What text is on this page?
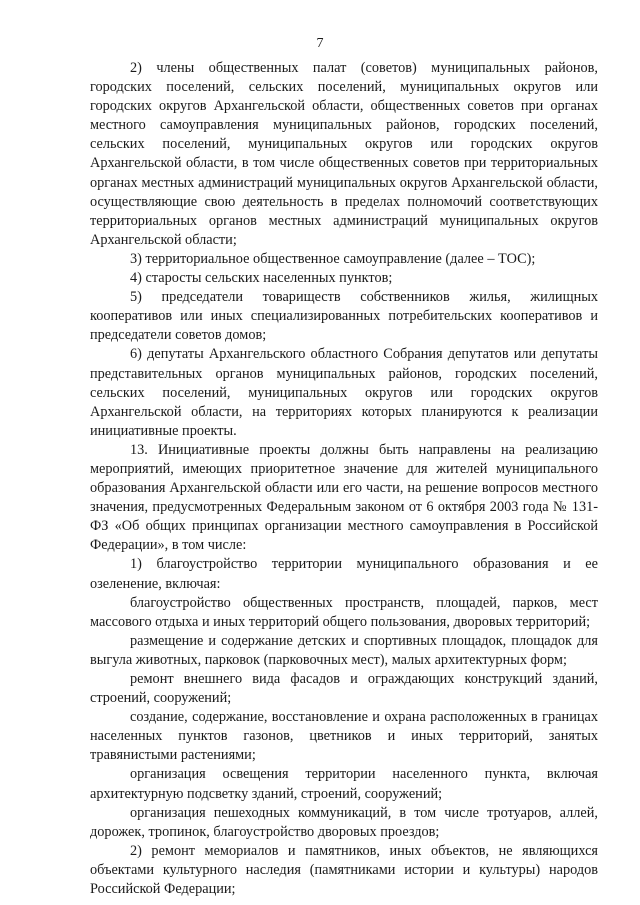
7

2) члены общественных палат (советов) муниципальных районов, городских поселений, сельских поселений, муниципальных округов или городских округов Архангельской области, общественных советов при органах местного самоуправления муниципальных районов, городских поселений, сельских поселений, муниципальных округов или городских округов Архангельской области, в том числе общественных советов при территориальных органах местных администраций муниципальных округов Архангельской области, осуществляющие свою деятельность в пределах полномочий соответствующих территориальных органов местных администраций муниципальных округов Архангельской области;

3) территориальное общественное самоуправление (далее – ТОС);

4) старосты сельских населенных пунктов;

5) председатели товариществ собственников жилья, жилищных кооперативов или иных специализированных потребительских кооперативов и председатели советов домов;

6) депутаты Архангельского областного Собрания депутатов или депутаты представительных органов муниципальных районов, городских поселений, сельских поселений, муниципальных округов или городских округов Архангельской области, на территориях которых планируются к реализации инициативные проекты.

13. Инициативные проекты должны быть направлены на реализацию мероприятий, имеющих приоритетное значение для жителей муниципального образования Архангельской области или его части, на решение вопросов местного значения, предусмотренных Федеральным законом от 6 октября 2003 года № 131-ФЗ «Об общих принципах организации местного самоуправления в Российской Федерации», в том числе:

1) благоустройство территории муниципального образования и ее озеленение, включая:

благоустройство общественных пространств, площадей, парков, мест массового отдыха и иных территорий общего пользования, дворовых территорий;

размещение и содержание детских и спортивных площадок, площадок для выгула животных, парковок (парковочных мест), малых архитектурных форм;

ремонт внешнего вида фасадов и ограждающих конструкций зданий, строений, сооружений;

создание, содержание, восстановление и охрана расположенных в границах населенных пунктов газонов, цветников и иных территорий, занятых травянистыми растениями;

организация освещения территории населенного пункта, включая архитектурную подсветку зданий, строений, сооружений;

организация пешеходных коммуникаций, в том числе тротуаров, аллей, дорожек, тропинок, благоустройство дворовых проездов;

2) ремонт мемориалов и памятников, иных объектов, не являющихся объектами культурного наследия (памятниками истории и культуры) народов Российской Федерации;
